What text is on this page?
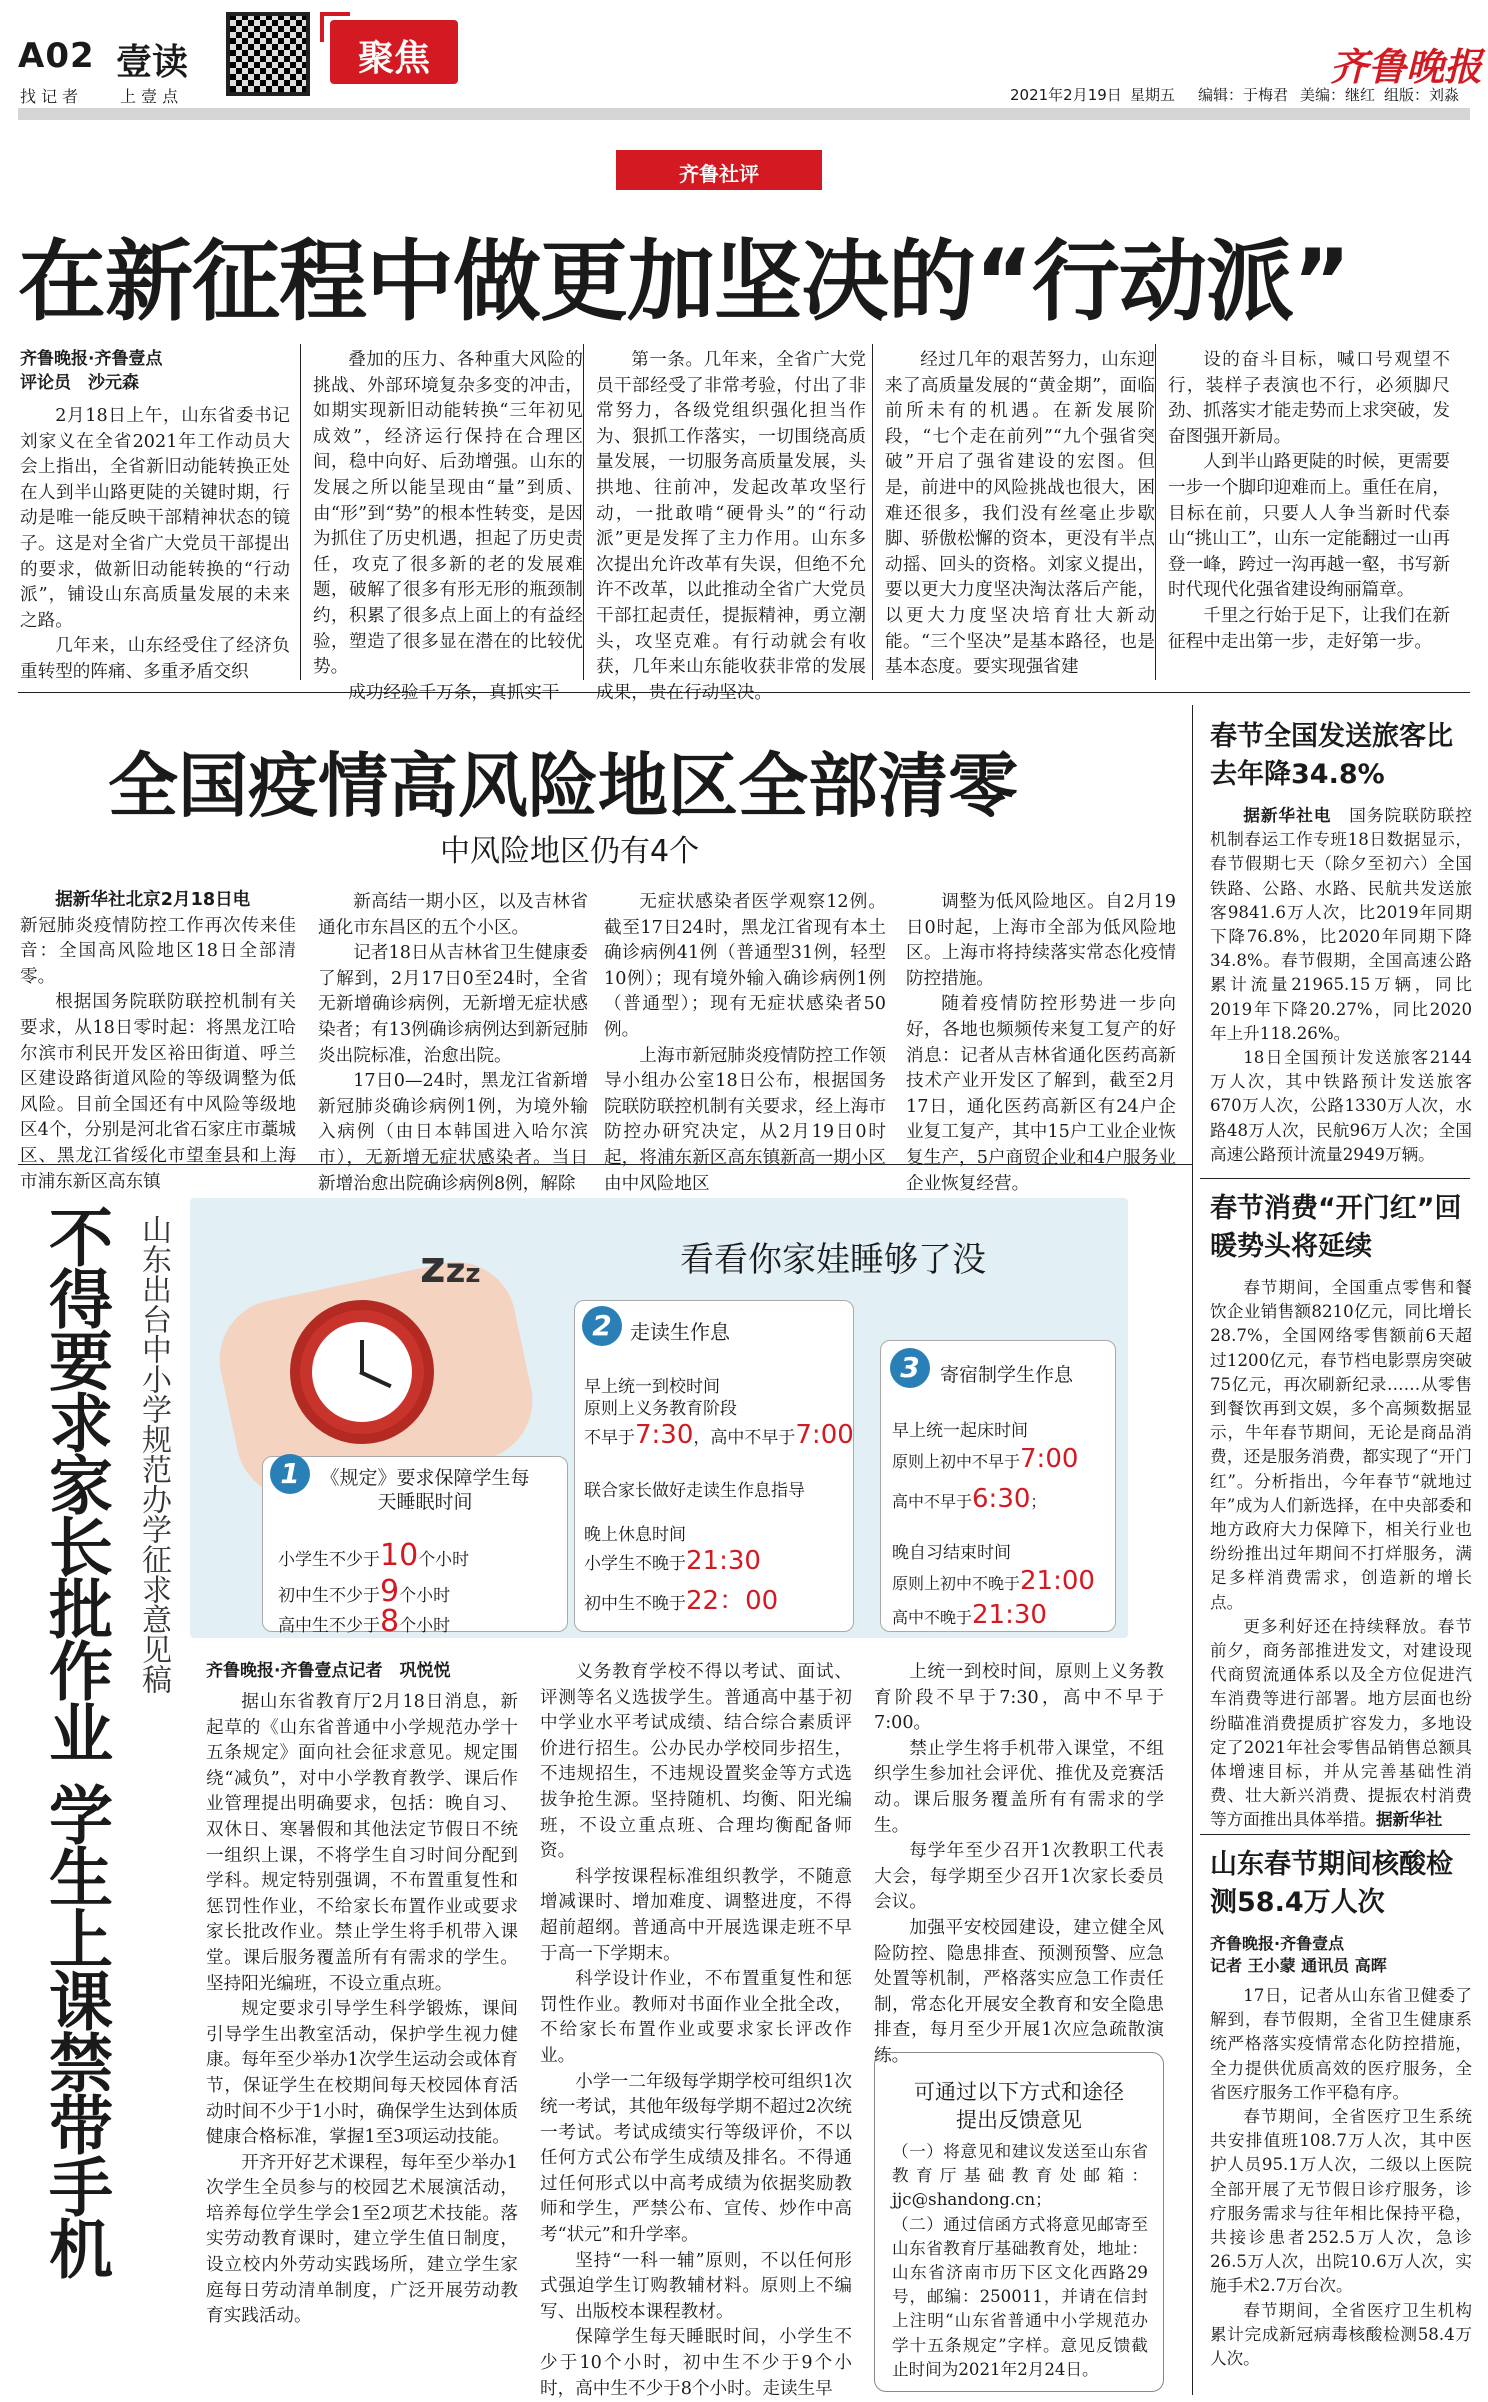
A02 壹读
找 记 者	上 壹 点
聚焦	齐鲁晚报
2021年2月19日 星期五 编辑：于梅君 美编：继红 组版：刘淼
齐鲁社评
在新征程中做更加坚决的“行动派”
齐鲁晚报·齐鲁壹点
评论员　沙元森

2月18日上午，山东省委书记刘家义在全省2021年工作动员大会上指出，全省新旧动能转换正处在人到半山路更陡的关键时期，行动是唯一能反映干部精神状态的镜子。这是对全省广大党员干部提出的要求，做新旧动能转换的“行动派”，铺设山东高质量发展的未来之路。

几年来，山东经受住了经济负重转型的阵痛、多重矛盾交织

叠加的压力、各种重大风险的挑战、外部环境复杂多变的冲击，如期实现新旧动能转换“三年初见成效”，经济运行保持在合理区间，稳中向好、后劲增强。山东的发展之所以能呈现由“量”到质、由“形”到“势”的根本性转变，是因为抓住了历史机遇，担起了历史责任，攻克了很多新的老的发展难题，破解了很多有形无形的瓶颈制约，积累了很多点上面上的有益经验，塑造了很多显在潜在的比较优势。

成功经验千万条，真抓实干

第一条。几年来，全省广大党员干部经受了非常考验，付出了非常努力，各级党组织强化担当作为、狠抓工作落实，一切围绕高质量发展，一切服务高质量发展，头拱地、往前冲，发起改革攻坚行动，一批敢啃“硬骨头”的“行动派”更是发挥了主力作用。山东多次提出允许改革有失误，但绝不允许不改革，以此推动全省广大党员干部扛起责任，提振精神，勇立潮头，攻坚克难。有行动就会有收获，几年来山东能收获非常的发展成果，贵在行动坚决。

经过几年的艰苦努力，山东迎来了高质量发展的“黄金期”，面临前所未有的机遇。在新发展阶段，“七个走在前列”“九个强省突破”开启了强省建设的宏图。但是，前进中的风险挑战也很大，困难还很多，我们没有丝毫止步歇脚、骄傲松懈的资本，更没有半点动摇、回头的资格。刘家义提出，要以更大力度坚决淘汰落后产能，以更大力度坚决培育壮大新动能。“三个坚决”是基本路径，也是基本态度。要实现强省建

设的奋斗目标，喊口号观望不行，装样子表演也不行，必须脚尺劲、抓落实才能走势而上求突破，发奋图强开新局。

人到半山路更陡的时候，更需要一步一个脚印迎难而上。重任在肩，目标在前，只要人人争当新时代泰山“挑山工”，山东一定能翻过一山再登一峰，跨过一沟再越一壑，书写新时代现代化强省建设绚丽篇章。

千里之行始于足下，让我们在新征程中走出第一步，走好第一步。

全国疫情高风险地区全部清零
中风险地区仍有4个

据新华社北京2月18日电
新冠肺炎疫情防控工作再次传来佳音：全国高风险地区18日全部清零。

根据国务院联防联控机制有关要求，从18日零时起：将黑龙江哈尔滨市利民开发区裕田街道、呼兰区建设路街道风险的等级调整为低风险。目前全国还有中风险等级地区4个，分别是河北省石家庄市藁城区、黑龙江省绥化市望奎县和上海市浦东新区高东镇

新高结一期小区，以及吉林省通化市东昌区的五个小区。

记者18日从吉林省卫生健康委了解到，2月17日0至24时，全省无新增确诊病例，无新增无症状感染者；有13例确诊病例达到新冠肺炎出院标准，治愈出院。

17日0—24时，黑龙江省新增新冠肺炎确诊病例1例，为境外输入病例（由日本韩国进入哈尔滨市），无新增无症状感染者。当日新增治愈出院确诊病例8例，解除

无症状感染者医学观察12例。截至17日24时，黑龙江省现有本土确诊病例41例（普通型31例，轻型10例）；现有境外输入确诊病例1例（普通型）；现有无症状感染者50例。

上海市新冠肺炎疫情防控工作领导小组办公室18日公布，根据国务院联防联控机制有关要求，经上海市防控办研究决定，从2月19日0时起，将浦东新区高东镇新高一期小区由中风险地区

调整为低风险地区。自2月19日0时起，上海市全部为低风险地区。上海市将持续落实常态化疫情防控措施。

随着疫情防控形势进一步向好，各地也频频传来复工复产的好消息：记者从吉林省通化医药高新技术产业开发区了解到，截至2月17日，通化医药高新区有24户企业复工复产，其中15户工业企业恢复生产，5户商贸企业和4户服务业企业恢复经营。

春节全国发送旅客比去年降34.8%

据新华社电　国务院联防联控机制春运工作专班18日数据显示，春节假期七天（除夕至初六）全国铁路、公路、水路、民航共发送旅客9841.6万人次，比2019年同期下降76.8%，比2020年同期下降34.8%。春节假期，全国高速公路累计流量21965.15万辆，同比2019年下降20.27%，同比2020年上升118.26%。

18日全国预计发送旅客2144万人次，其中铁路预计发送旅客670万人次，公路1330万人次，水路48万人次，民航96万人次；全国高速公路预计流量2949万辆。

春节消费“开门红”回暖势头将延续

春节期间，全国重点零售和餐饮企业销售额8210亿元，同比增长28.7%，全国网络零售额前6天超过1200亿元，春节档电影票房突破75亿元，再次刷新纪录……从零售到餐饮再到文娱，多个高频数据显示，牛年春节期间，无论是商品消费，还是服务消费，都实现了“开门红”。分析指出，今年春节“就地过年”成为人们新选择，在中央部委和地方政府大力保障下，相关行业也纷纷推出过年期间不打烊服务，满足多样消费需求，创造新的增长点。

更多利好还在持续释放。春节前夕，商务部推进发文，对建设现代商贸流通体系以及全方位促进汽车消费等进行部署。地方层面也纷纷瞄准消费提质扩容发力，多地设定了2021年社会零售品销售总额具体增速目标，并从完善基础性消费、壮大新兴消费、提振农村消费等方面推出具体举措。据新华社

山东春节期间核酸检测58.4万人次
齐鲁晚报·齐鲁壹点
记者 王小蒙 通讯员 高晖

17日，记者从山东省卫健委了解到，春节假期，全省卫生健康系统严格落实疫情常态化防控措施，全力提供优质高效的医疗服务，全省医疗服务工作平稳有序。

春节期间，全省医疗卫生系统共安排值班108.7万人次，其中医护人员95.1万人次，二级以上医院全部开展了无节假日诊疗服务，诊疗服务需求与往年相比保持平稳，共接诊患者252.5万人次，急诊26.5万人次，出院10.6万人次，实施手术2.7万台次。

春节期间，全省医疗卫生机构累计完成新冠病毒核酸检测58.4万人次。

不得要求家长批作业 学生上课禁带手机 山东出台中小学规范办学征求意见稿	看看你家娃睡够了没
zzz
1	《规定》要求保障学生每天睡眠时间
小学生不少于10个小时
初中生不少于9个小时
高中生不少于8个小时
2 走读生作息
早上统一到校时间
原则上义务教育阶段
不早于7:30，高中不早于7:00
联合家长做好走读生作息指导
晚上休息时间
小学生不晚于21:30
初中生不晚于22：00
3	寄宿制学生作息
早上统一起床时间
原则上初中不早于7:00
高中不早于6:30；
晚自习结束时间
原则上初中不晚于21:00
高中不晚于21:30
齐鲁晚报·齐鲁壹点记者　巩悦悦

据山东省教育厅2月18日消息，新起草的《山东省普通中小学规范办学十五条规定》面向社会征求意见。规定围绕“减负”，对中小学教育教学、课后作业管理提出明确要求，包括：晚自习、双休日、寒暑假和其他法定节假日不统一组织上课，不将学生自习时间分配到学科。规定特别强调，不布置重复性和惩罚性作业，不给家长布置作业或要求家长批改作业。禁止学生将手机带入课堂。课后服务覆盖所有有需求的学生。坚持阳光编班，不设立重点班。

规定要求引导学生科学锻炼，课间引导学生出教室活动，保护学生视力健康。每年至少举办1次学生运动会或体育节，保证学生在校期间每天校园体育活动时间不少于1小时，确保学生达到体质健康合格标准，掌握1至3项运动技能。

开齐开好艺术课程，每年至少举办1次学生全员参与的校园艺术展演活动，培养每位学生学会1至2项艺术技能。落实劳动教育课时，建立学生值日制度，设立校内外劳动实践场所，建立学生家庭每日劳动清单制度，广泛开展劳动教育实践活动。

义务教育学校不得以考试、面试、评测等名义选拔学生。普通高中基于初中学业水平考试成绩、结合综合素质评价进行招生。公办民办学校同步招生，不违规招生，不违规设置奖金等方式选拔争抢生源。坚持随机、均衡、阳光编班，不设立重点班、合理均衡配备师资。

科学按课程标准组织教学，不随意增减课时、增加难度、调整进度，不得超前超纲。普通高中开展选课走班不早于高一下学期末。

科学设计作业，不布置重复性和惩罚性作业。教师对书面作业全批全改，不给家长布置作业或要求家长评改作业。

小学一二年级每学期学校可组织1次统一考试，其他年级每学期不超过2次统一考试。考试成绩实行等级评价，不以任何方式公布学生成绩及排名。不得通过任何形式以中高考成绩为依据奖励教师和学生，严禁公布、宣传、炒作中高考“状元”和升学率。

坚持“一科一辅”原则，不以任何形式强迫学生订购教辅材料。原则上不编写、出版校本课程教材。

保障学生每天睡眠时间，小学生不少于10个小时，初中生不少于9个小时，高中生不少于8个小时。走读生早

上统一到校时间，原则上义务教育阶段不早于7:30，高中不早于7:00。

禁止学生将手机带入课堂，不组织学生参加社会评优、推优及竞赛活动。课后服务覆盖所有有需求的学生。

每学年至少召开1次教职工代表大会，每学期至少召开1次家长委员会议。

加强平安校园建设，建立健全风险防控、隐患排查、预测预警、应急处置等机制，严格落实应急工作责任制，常态化开展安全教育和安全隐患排查，每月至少开展1次应急疏散演练。

可通过以下方式和途径
提出反馈意见

（一）将意见和建议发送至山东省教育厅基础教育处邮箱：jjc@shandong.cn；

（二）通过信函方式将意见邮寄至山东省教育厅基础教育处，地址：山东省济南市历下区文化西路29号，邮编：250011，并请在信封上注明“山东省普通中小学规范办学十五条规定”字样。意见反馈截止时间为2021年2月24日。
